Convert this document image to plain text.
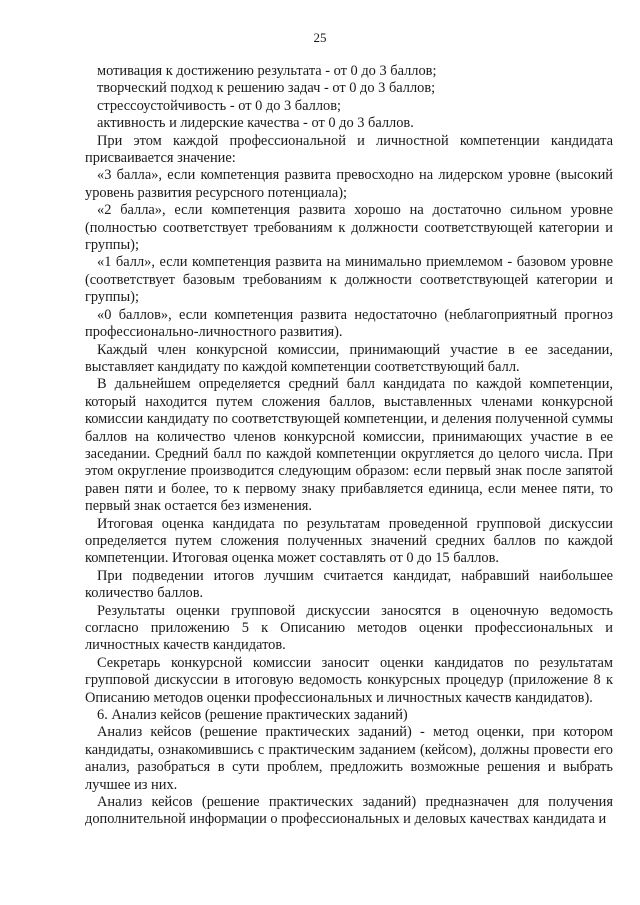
25

мотивация к достижению результата - от 0 до 3 баллов;

творческий подход к решению задач - от 0 до 3 баллов;

стрессоустойчивость - от 0 до 3 баллов;

активность и лидерские качества - от 0 до 3 баллов.

При этом каждой профессиональной и личностной компетенции кандидата присваивается значение:

«3 балла», если компетенция развита превосходно на лидерском уровне (высокий уровень развития ресурсного потенциала);

«2 балла», если компетенция развита хорошо на достаточно сильном уровне (полностью соответствует требованиям к должности соответствующей категории и группы);

«1 балл», если компетенция развита на минимально приемлемом - базовом уровне (соответствует базовым требованиям к должности соответствующей категории и группы);

«0 баллов», если компетенция развита недостаточно (неблагоприятный прогноз профессионально-личностного развития).

Каждый член конкурсной комиссии, принимающий участие в ее заседании, выставляет кандидату по каждой компетенции соответствующий балл.

В дальнейшем определяется средний балл кандидата по каждой компетенции, который находится путем сложения баллов, выставленных членами конкурсной комиссии кандидату по соответствующей компетенции, и деления полученной суммы баллов на количество членов конкурсной комиссии, принимающих участие в ее заседании. Средний балл по каждой компетенции округляется до целого числа. При этом округление производится следующим образом: если первый знак после запятой равен пяти и более, то к первому знаку прибавляется единица, если менее пяти, то первый знак остается без изменения.

Итоговая оценка кандидата по результатам проведенной групповой дискуссии определяется путем сложения полученных значений средних баллов по каждой компетенции. Итоговая оценка может составлять от 0 до 15 баллов.

При подведении итогов лучшим считается кандидат, набравший наибольшее количество баллов.

Результаты оценки групповой дискуссии заносятся в оценочную ведомость согласно приложению 5 к Описанию методов оценки профессиональных и личностных качеств кандидатов.

Секретарь конкурсной комиссии заносит оценки кандидатов по результатам групповой дискуссии в итоговую ведомость конкурсных процедур (приложение 8 к Описанию методов оценки профессиональных и личностных качеств кандидатов).

6. Анализ кейсов (решение практических заданий)

Анализ кейсов (решение практических заданий) - метод оценки, при котором кандидаты, ознакомившись с практическим заданием (кейсом), должны провести его анализ, разобраться в сути проблем, предложить возможные решения и выбрать лучшее из них.

Анализ кейсов (решение практических заданий) предназначен для получения дополнительной информации о профессиональных и деловых качествах кандидата и
